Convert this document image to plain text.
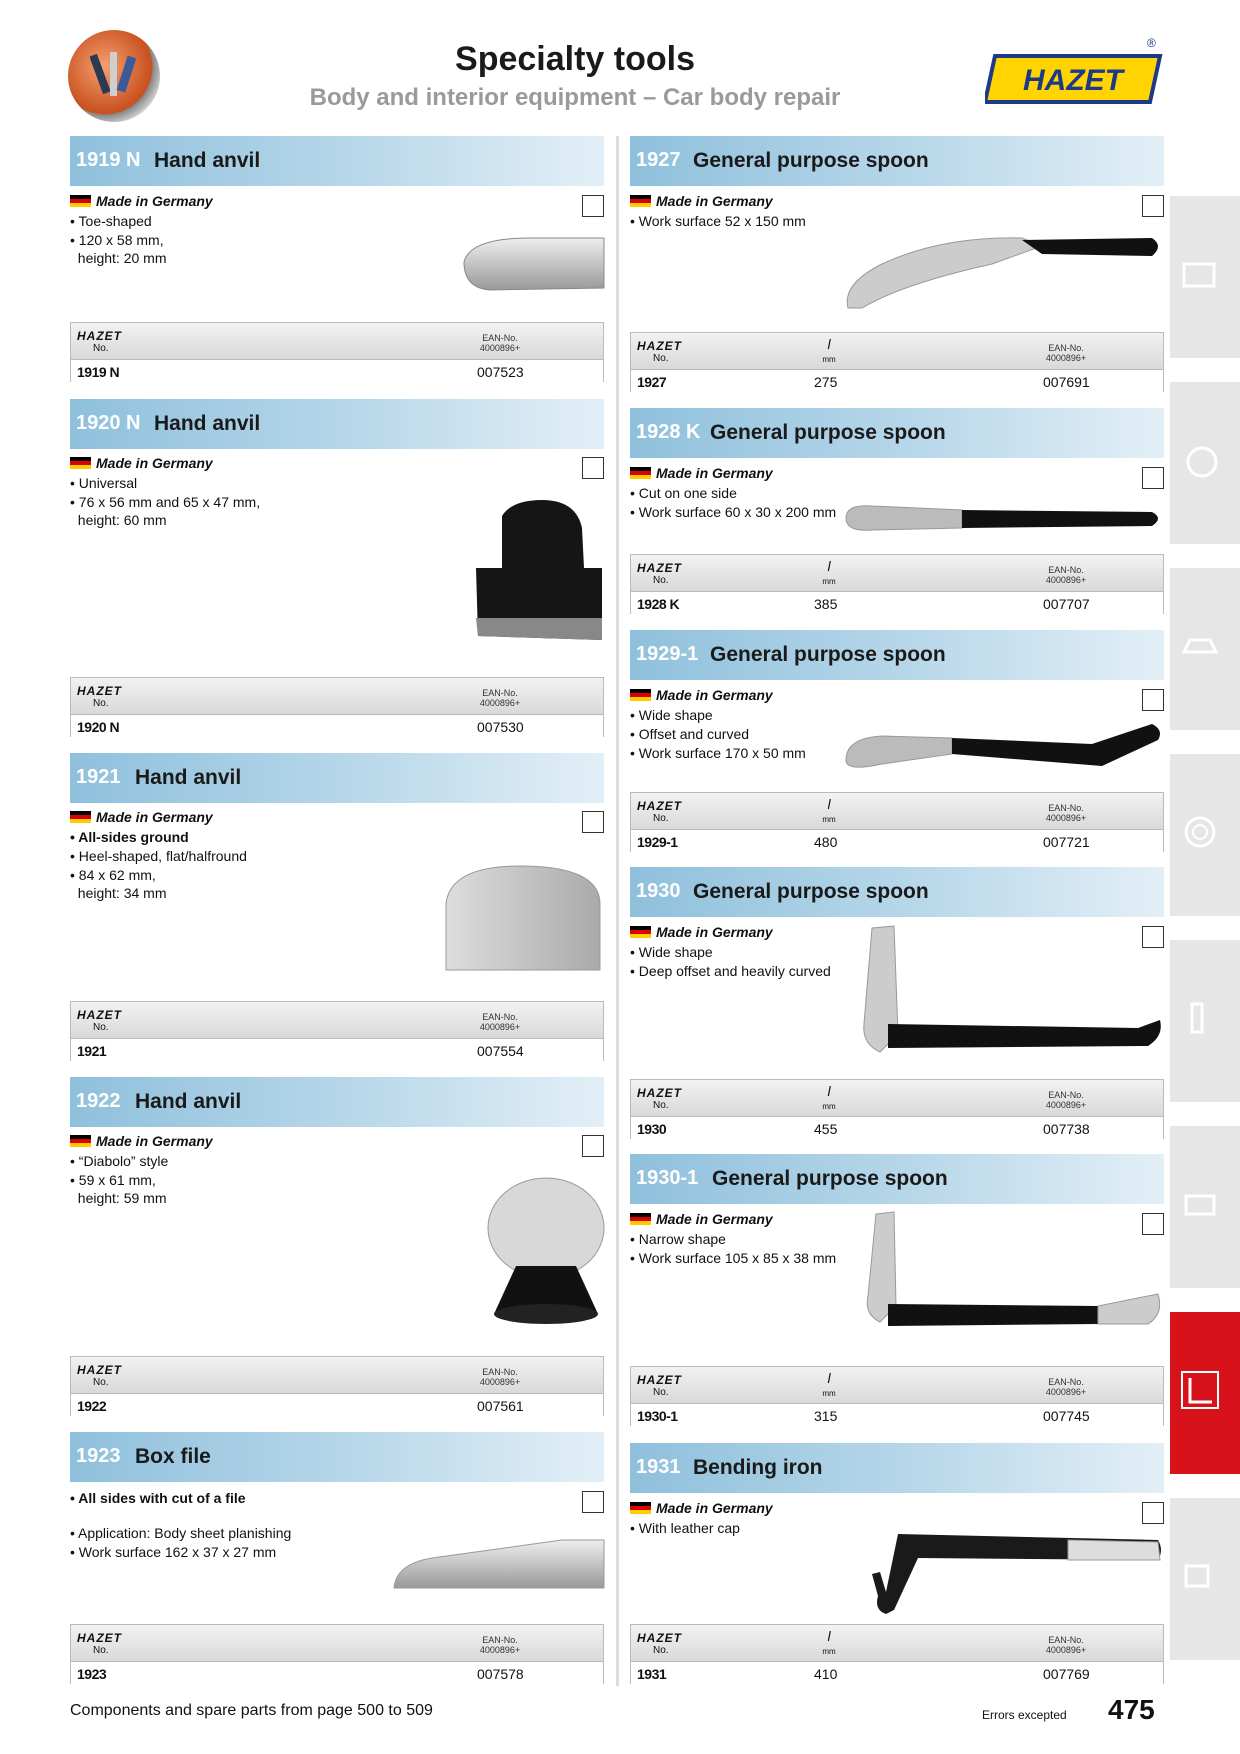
Specialty tools
Body and interior equipment – Car body repair
HAZET
®
1919 N Hand anvil
Made in Germany
• Toe-shaped
• 120 x 58 mm,
height: 20 mm
HAZET
No.
EAN-No.
4000896+
1919 N	007523
1920 N Hand anvil
Made in Germany
• Universal
• 76 x 56 mm and 65 x 47 mm,
height: 60 mm
HAZET
No.
EAN-No.
4000896+
1920 N	007530
1921 Hand anvil
Made in Germany
• All-sides ground
• Heel-shaped, flat/halfround
• 84 x 62 mm,
height: 34 mm
HAZET
No.
EAN-No.
4000896+
1921	007554
1922 Hand anvil
Made in Germany
• “Diabolo” style
• 59 x 61 mm,
height: 59 mm
HAZET
No.
EAN-No.
4000896+
1922	007561
1923 Box file
• All sides with cut of a file
• Application: Body sheet planishing
• Work surface 162 x 37 x 27 mm
HAZET
No.
EAN-No.
4000896+
1923	007578
1927 General purpose spoon
Made in Germany
• Work surface 52 x 150 mm
HAZET
No.
l
mm
EAN-No.
4000896+
1927	275	007691
1928 K General purpose spoon
Made in Germany
• Cut on one side
• Work surface 60 x 30 x 200 mm
HAZET
No.
l
mm
EAN-No.
4000896+
1928 K	385	007707
1929-1 General purpose spoon
Made in Germany
• Wide shape
• Offset and curved
• Work surface 170 x 50 mm
HAZET
No.
l
mm
EAN-No.
4000896+
1929-1	480	007721
1930 General purpose spoon
Made in Germany
• Wide shape
• Deep offset and heavily curved
HAZET
No.
l
mm
EAN-No.
4000896+
1930	455	007738
1930-1 General purpose spoon
Made in Germany
• Narrow shape
• Work surface 105 x 85 x 38 mm
HAZET
No.
l
mm
EAN-No.
4000896+
1930-1	315	007745
1931 Bending iron
Made in Germany
• With leather cap
HAZET
No.
l
mm
EAN-No.
4000896+
1931	410	007769
Components and spare parts from page 500 to 509	Errors excepted 475
